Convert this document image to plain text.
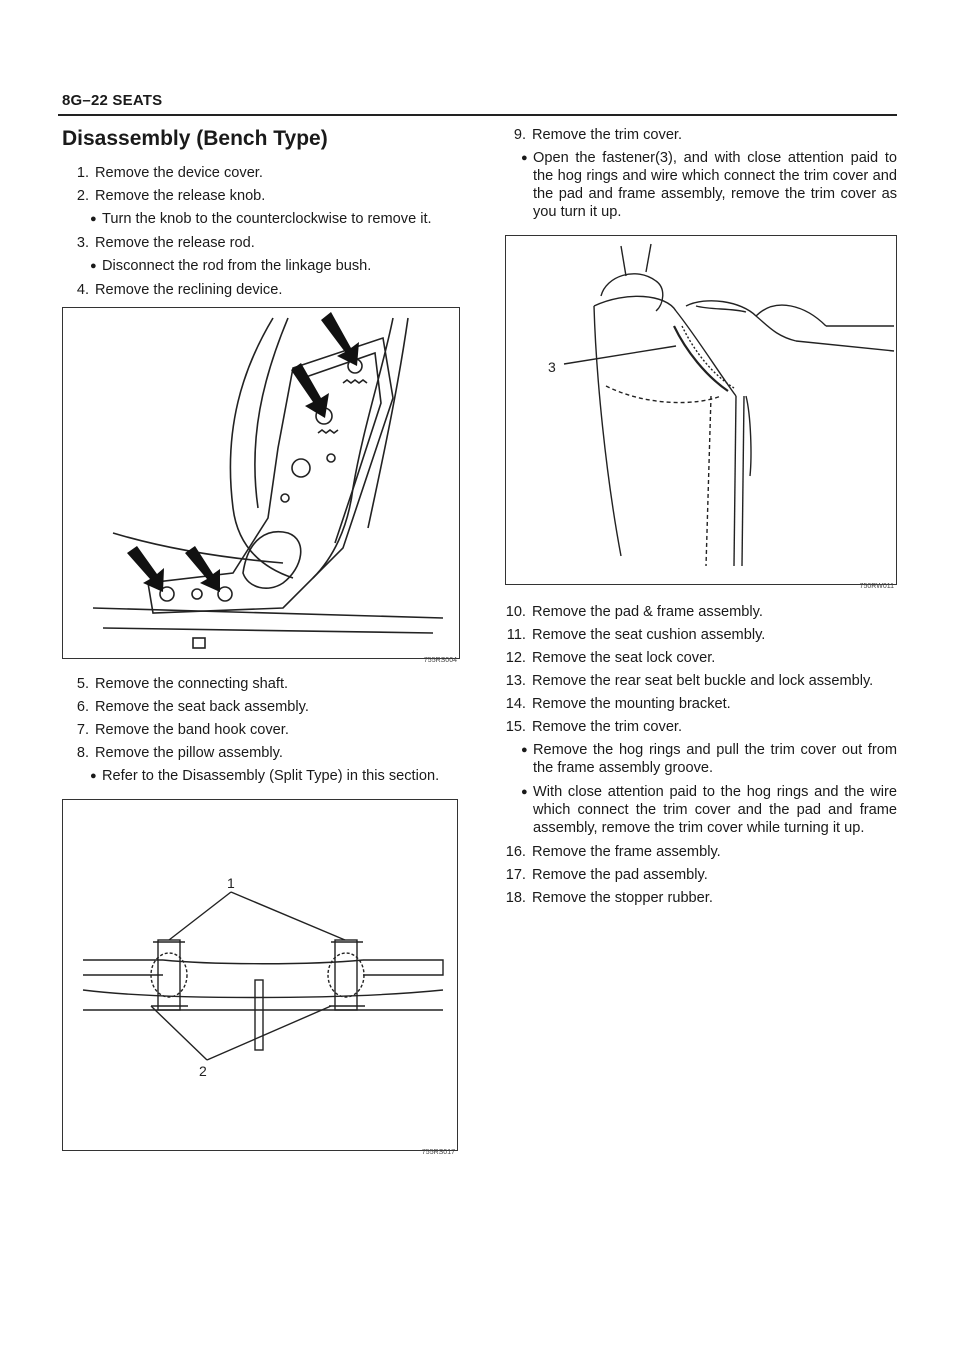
8G–22 SEATS
Disassembly (Bench Type)
1. Remove the device cover.
2. Remove the release knob.
● Turn the knob to the counterclockwise to remove it.
3. Remove the release rod.
● Disconnect the rod from the linkage bush.
4. Remove the reclining device.
755RS004
5. Remove the connecting shaft.
6. Remove the seat back assembly.
7. Remove the band hook cover.
8. Remove the pillow assembly.
● Refer to the Disassembly (Split Type) in this section.
1
2
755RS017
9. Remove the trim cover.
● Open the fastener(3), and with close attention paid to the hog rings and wire which connect the trim cover and the pad and frame assembly, remove the trim cover as you turn it up.
3
750RW011
10. Remove the pad & frame assembly.
11. Remove the seat cushion assembly.
12. Remove the seat lock cover.
13. Remove the rear seat belt buckle and lock assembly.
14. Remove the mounting bracket.
15. Remove the trim cover.
● Remove the hog rings and pull the trim cover out from the frame assembly groove.
● With close attention paid to the hog rings and the wire which connect the trim cover and the pad and frame assembly, remove the trim cover while turning it up.
16. Remove the frame assembly.
17. Remove the pad assembly.
18. Remove the stopper rubber.
